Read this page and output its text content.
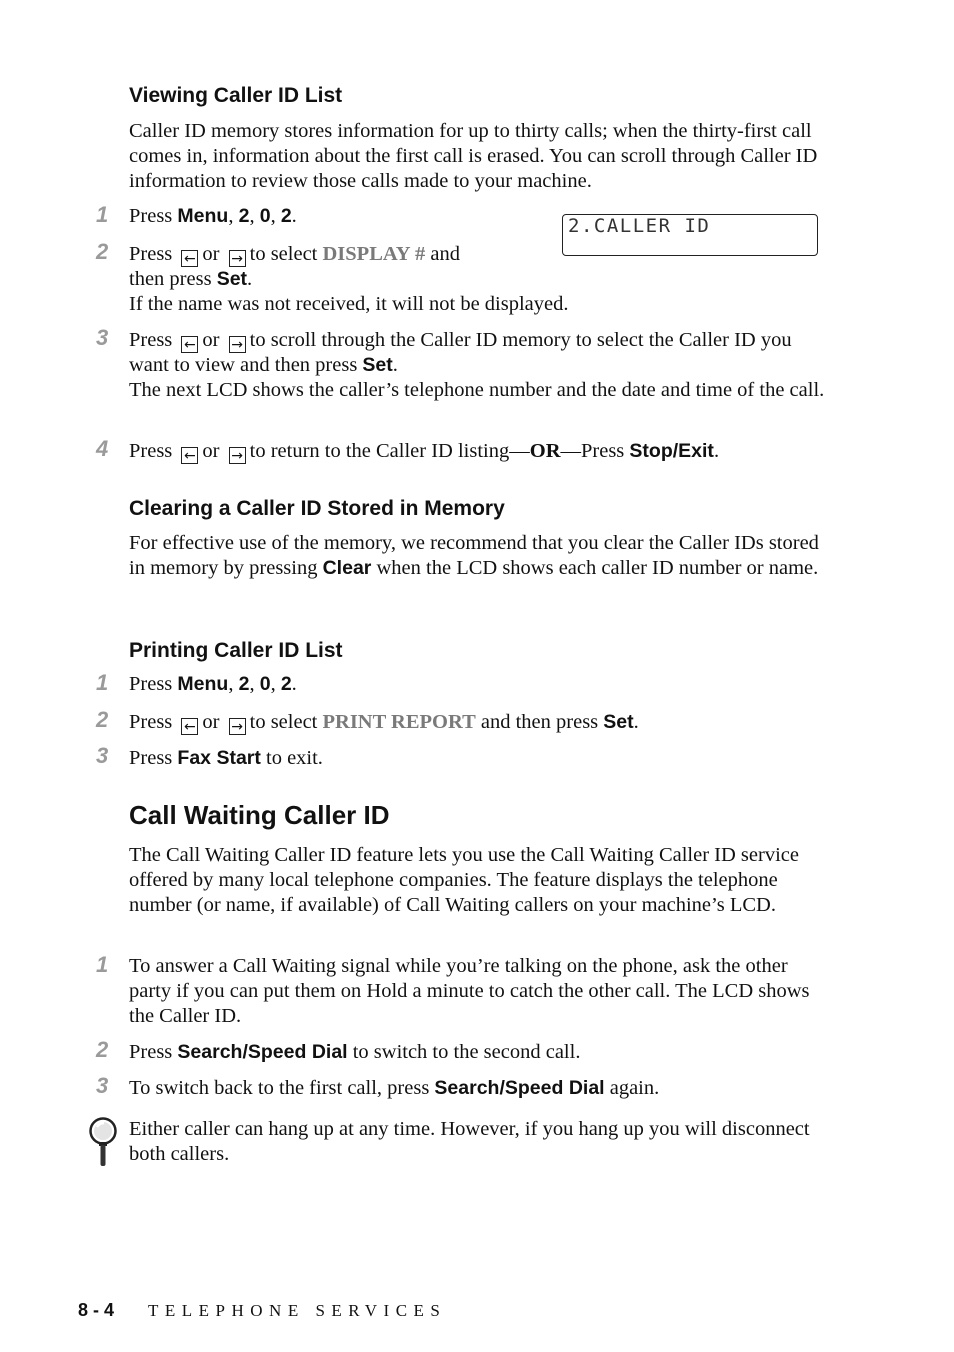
Viewing Caller ID List

Caller ID memory stores information for up to thirty calls; when the thirty-first call comes in, information about the first call is erased. You can scroll through Caller ID information to review those calls made to your machine.

2.CALLER ID
1 Press Menu, 2, 0, 2.

2 Press ← or → to select DISPLAY # and

then press Set.

If the name was not received, it will not be displayed.

3 Press ← or → to scroll through the Caller ID memory to select the Caller ID you want to view and then press Set.

The next LCD shows the caller’s telephone number and the date and time of the call.

4 Press ← or → to return to the Caller ID listing—OR—Press Stop/Exit.

Clearing a Caller ID Stored in Memory

For effective use of the memory, we recommend that you clear the Caller IDs stored in memory by pressing Clear when the LCD shows each caller ID number or name.

Printing Caller ID List
1 Press Menu, 2, 0, 2.

2 Press ← or → to select PRINT REPORT and then press Set.

3 Press Fax Start to exit.

Call Waiting Caller ID

The Call Waiting Caller ID feature lets you use the Call Waiting Caller ID service offered by many local telephone companies. The feature displays the telephone number (or name, if available) of Call Waiting callers on your machine’s LCD.

1 To answer a Call Waiting signal while you’re talking on the phone, ask the other party if you can put them on Hold a minute to catch the other call. The LCD shows the Caller ID.

2 Press Search/Speed Dial to switch to the second call.

3 To switch back to the first call, press Search/Speed Dial again.

Either caller can hang up at any time. However, if you hang up you will disconnect both callers.

8 - 4 TELEPHONE SERVICES
